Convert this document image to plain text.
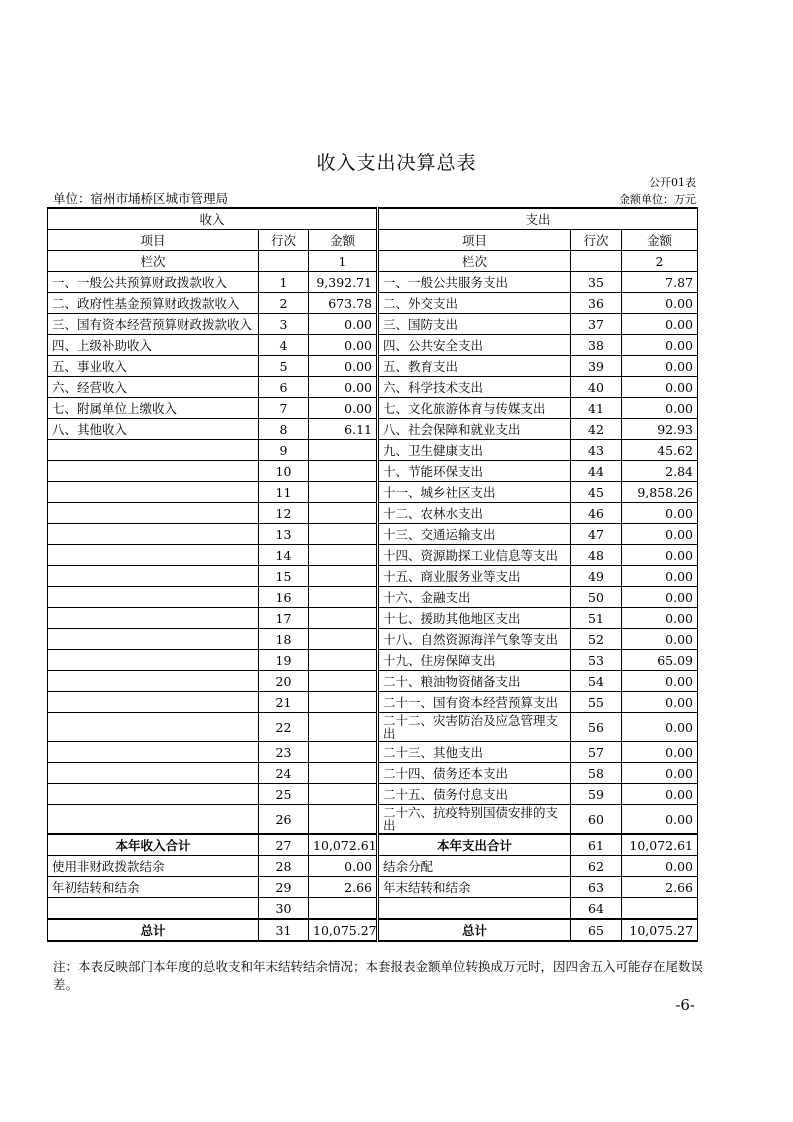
收入支出决算总表
公开01表
单位：宿州市埇桥区城市管理局	金额单位：万元
收入			支出		
项目	行次	金额	项目	行次	金额
栏次		1	栏次		2
一、一般公共预算财政拨款收入	1	9,392.71	一、一般公共服务支出	35	7.87
二、政府性基金预算财政拨款收入	2	673.78	二、外交支出	36	0.00
三、国有资本经营预算财政拨款收入	3	0.00	三、国防支出	37	0.00
四、上级补助收入	4	0.00	四、公共安全支出	38	0.00
五、事业收入	5	0.00	五、教育支出	39	0.00
六、经营收入	6	0.00	六、科学技术支出	40	0.00
七、附属单位上缴收入	7	0.00	七、文化旅游体育与传媒支出	41	0.00
八、其他收入	8	6.11	八、社会保障和就业支出	42	92.93
	9		九、卫生健康支出	43	45.62
	10		十、节能环保支出	44	2.84
	11		十一、城乡社区支出	45	9,858.26
	12		十二、农林水支出	46	0.00
	13		十三、交通运输支出	47	0.00
	14		十四、资源勘探工业信息等支出	48	0.00
	15		十五、商业服务业等支出	49	0.00
	16		十六、金融支出	50	0.00
	17		十七、援助其他地区支出	51	0.00
	18		十八、自然资源海洋气象等支出	52	0.00
	19		十九、住房保障支出	53	65.09
	20		二十、粮油物资储备支出	54	0.00
	21		二十一、国有资本经营预算支出	55	0.00
	22		二十二、灾害防治及应急管理支出	56	0.00
	23		二十三、其他支出	57	0.00
	24		二十四、债务还本支出	58	0.00
	25		二十五、债务付息支出	59	0.00
	26		二十六、抗疫特别国债安排的支出	60	0.00
本年收入合计	27	10,072.61	本年支出合计	61	10,072.61
使用非财政拨款结余	28	0.00	结余分配	62	0.00
年初结转和结余	29	2.66	年末结转和结余	63	2.66
	30			64	
总计	31	10,075.27	总计	65	10,075.27
注：本表反映部门本年度的总收支和年末结转结余情况；本套报表金额单位转换成万元时，因四舍五入可能存在尾数误差。
-6-
